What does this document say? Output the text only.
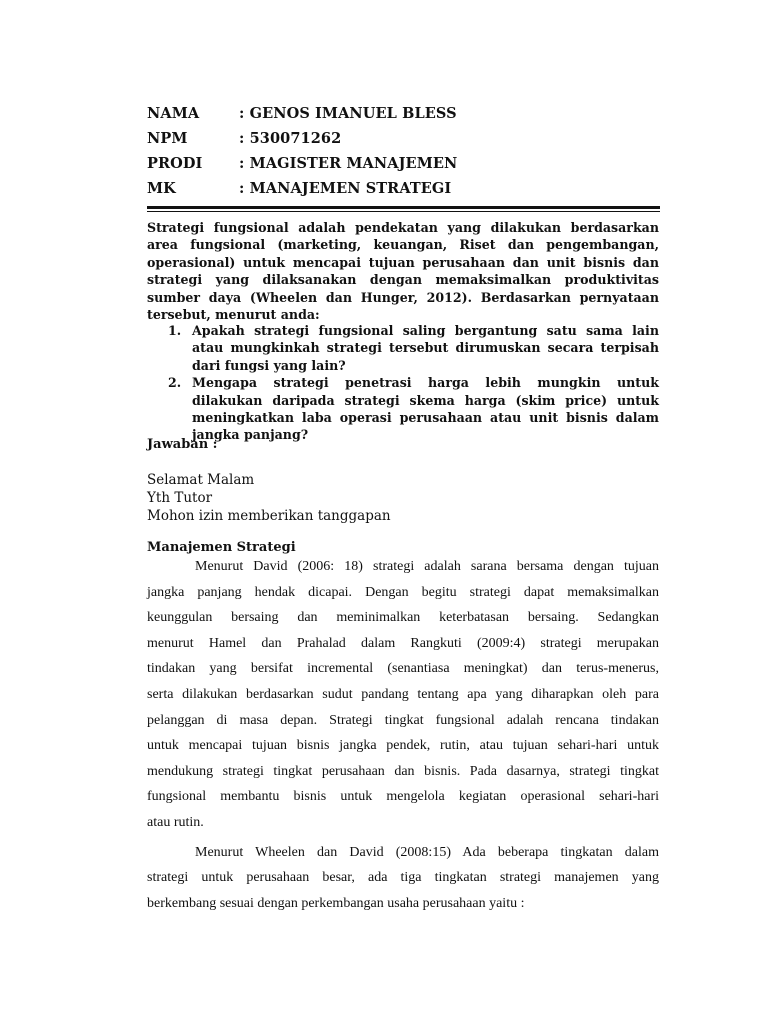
NAMA	: GENOS IMANUEL BLESS
NPM	: 530071262
PRODI	: MAGISTER MANAJEMEN
MK	: MANAJEMEN STRATEGI
Strategi fungsional adalah pendekatan yang dilakukan berdasarkan area fungsional (marketing, keuangan, Riset dan pengembangan, operasional) untuk mencapai tujuan perusahaan dan unit bisnis dan strategi yang dilaksanakan dengan memaksimalkan produktivitas sumber daya (Wheelen dan Hunger, 2012). Berdasarkan pernyataan tersebut, menurut anda:
1. Apakah strategi fungsional saling bergantung satu sama lain atau mungkinkah strategi tersebut dirumuskan secara terpisah dari fungsi yang lain?
2. Mengapa strategi penetrasi harga lebih mungkin untuk dilakukan daripada strategi skema harga (skim price) untuk meningkatkan laba operasi perusahaan atau unit bisnis dalam jangka panjang?
Jawaban :
Selamat Malam
Yth Tutor
Mohon izin memberikan tanggapan
Manajemen Strategi
Menurut David (2006: 18) strategi adalah sarana bersama dengan tujuan
jangka panjang hendak dicapai. Dengan begitu strategi dapat memaksimalkan
keunggulan bersaing dan meminimalkan keterbatasan bersaing. Sedangkan
menurut Hamel dan Prahalad dalam Rangkuti (2009:4) strategi merupakan
tindakan yang bersifat incremental (senantiasa meningkat) dan terus-menerus,
serta dilakukan berdasarkan sudut pandang tentang apa yang diharapkan oleh para
pelanggan di masa depan. Strategi tingkat fungsional adalah rencana tindakan
untuk mencapai tujuan bisnis jangka pendek, rutin, atau tujuan sehari-hari untuk
mendukung strategi tingkat perusahaan dan bisnis. Pada dasarnya, strategi tingkat
fungsional membantu bisnis untuk mengelola kegiatan operasional sehari-hari
atau rutin.
Menurut Wheelen dan David (2008:15) Ada beberapa tingkatan dalam
strategi untuk perusahaan besar, ada tiga tingkatan strategi manajemen yang
berkembang sesuai dengan perkembangan usaha perusahaan yaitu :
